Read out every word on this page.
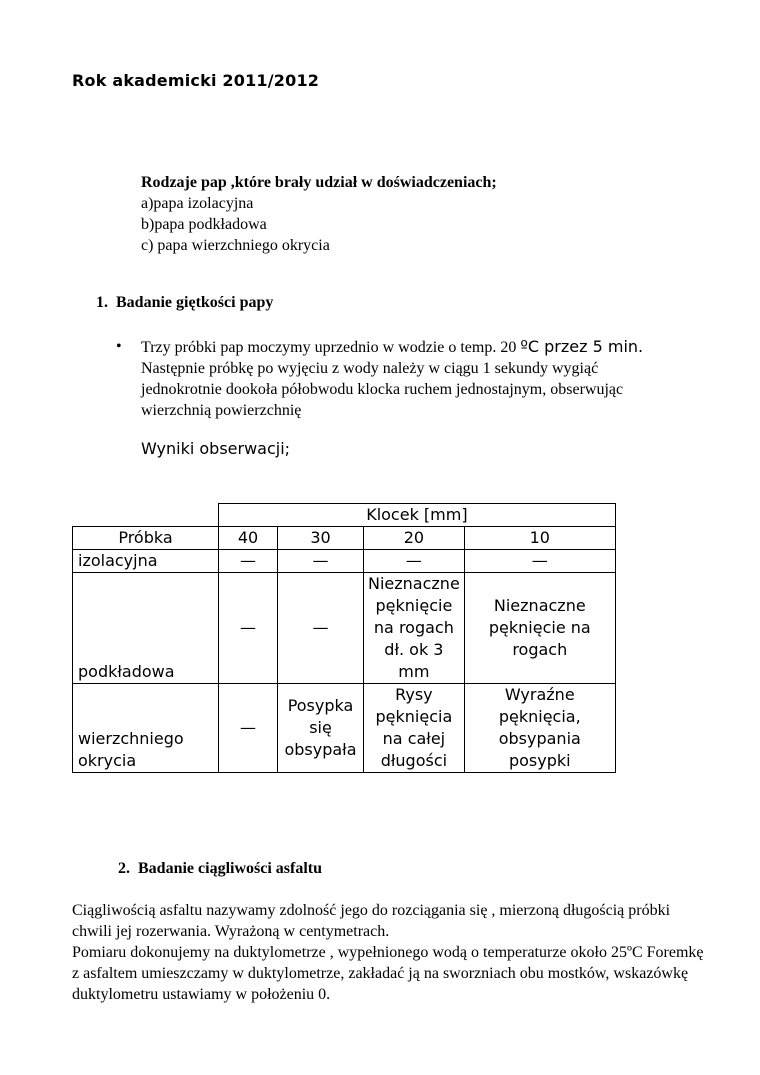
Rok akademicki 2011/2012
Rodzaje pap ,które brały udział w doświadczeniach;
a)papa izolacyjna
b)papa podkładowa
c) papa wierzchniego okrycia
1. Badanie giętkości papy
• Trzy próbki pap moczymy uprzednio w wodzie o temp. 20 ºC przez 5 min. Następnie próbkę po wyjęciu z wody należy w ciągu 1 sekundy wygiąć jednokrotnie dookoła półobwodu klocka ruchem jednostajnym, obserwując wierzchnią powierzchnię
Wyniki obserwacji;
	Klocek [mm]			
Próbka	40	30	20	10
izolacyjna	—	—	—	—
podkładowa	—	—	Nieznaczne pęknięcie na rogach dł. ok 3 mm	Nieznaczne pęknięcie na rogach
wierzchniego okrycia	—	Posypka się obsypała	Rysy pęknięcia na całej długości	Wyraźne pęknięcia, obsypania posypki
2. Badanie ciągliwości asfaltu

Ciągliwością asfaltu nazywamy zdolność jego do rozciągania się , mierzoną długością próbki chwili jej rozerwania. Wyrażoną w centymetrach.

Pomiaru dokonujemy na duktylometrze , wypełnionego wodą o temperaturze około 25ºC Foremkę z asfaltem umieszczamy w duktylometrze, zakładać ją na sworzniach obu mostków, wskazówkę duktylometru ustawiamy w położeniu 0.
